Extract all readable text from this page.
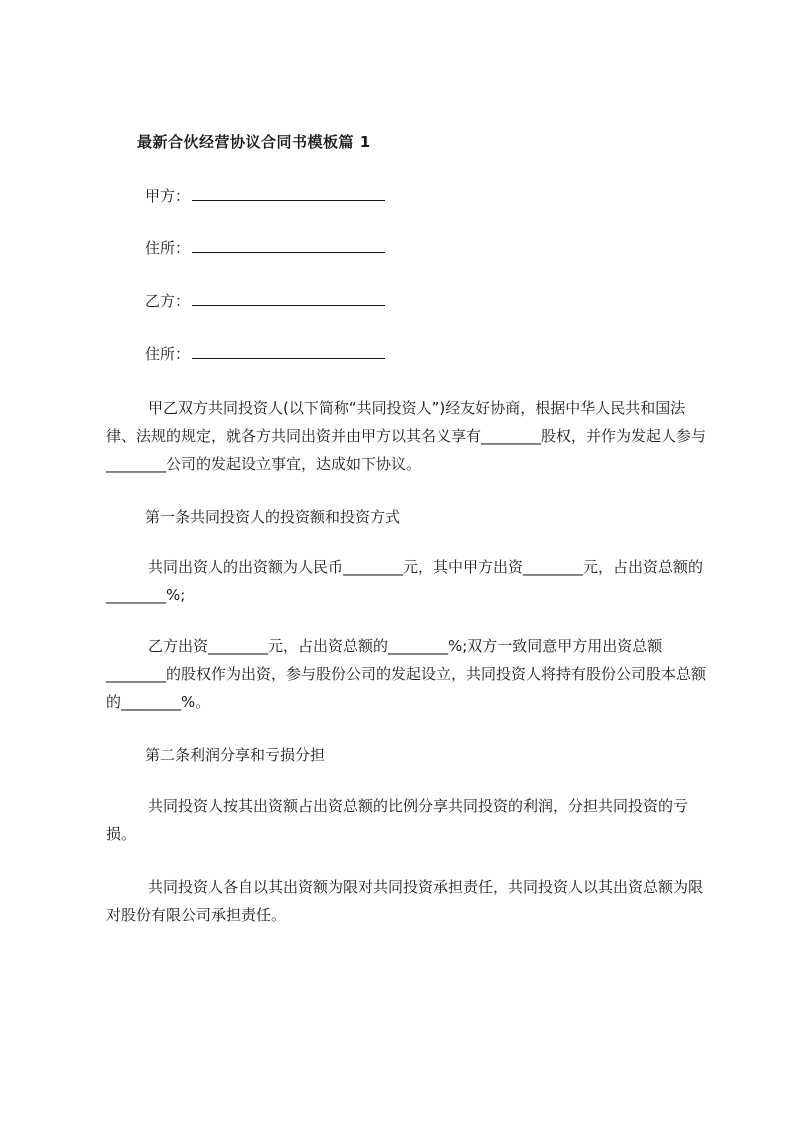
最新合伙经营协议合同书模板篇 1
甲方：
住所：
乙方：
住所：
甲乙双方共同投资人(以下简称“共同投资人”)经友好协商，根据中华人民共和国法律、法规的规定，就各方共同出资并由甲方以其名义享有________股权，并作为发起人参与________公司的发起设立事宜，达成如下协议。
第一条共同投资人的投资额和投资方式
共同出资人的出资额为人民币________元，其中甲方出资________元，占出资总额的________%;
乙方出资________元，占出资总额的________%;双方一致同意甲方用出资总额________的股权作为出资，参与股份公司的发起设立，共同投资人将持有股份公司股本总额的________%。
第二条利润分享和亏损分担
共同投资人按其出资额占出资总额的比例分享共同投资的利润，分担共同投资的亏损。
共同投资人各自以其出资额为限对共同投资承担责任，共同投资人以其出资总额为限对股份有限公司承担责任。
